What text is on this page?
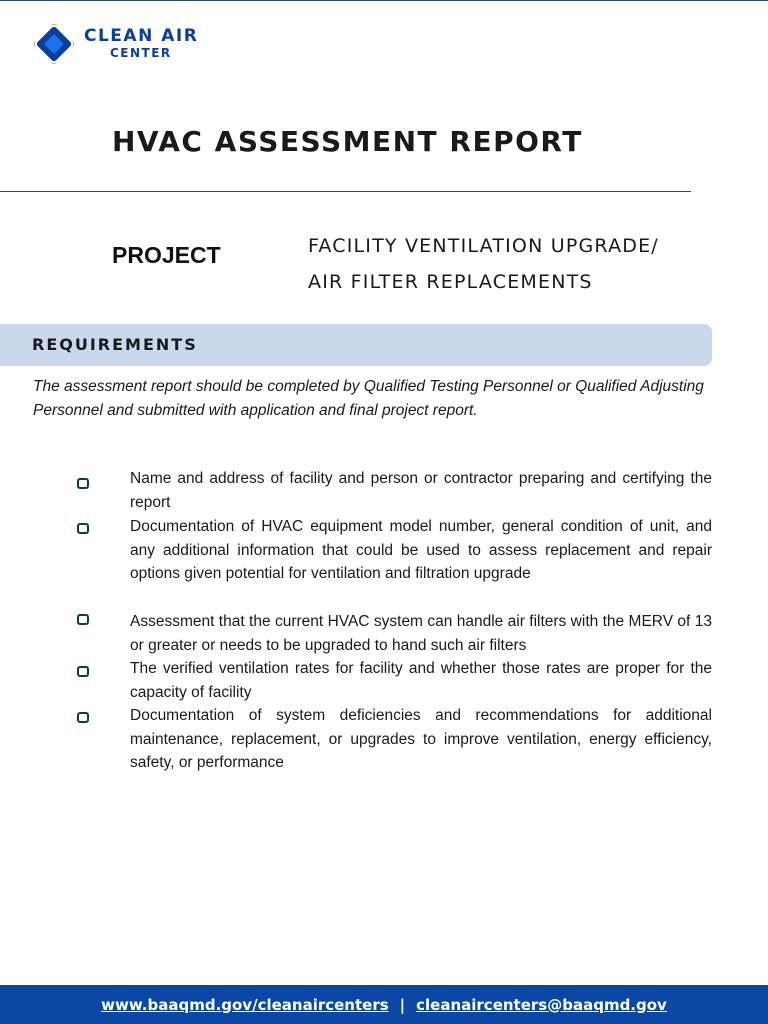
CLEAN AIR
CENTER
HVAC ASSESSMENT REPORT
PROJECT	FACILITY VENTILATION UPGRADE/
AIR FILTER REPLACEMENTS
REQUIREMENTS
The assessment report should be completed by Qualified Testing Personnel or Qualified Adjusting Personnel and submitted with application and final project report.
Name and address of facility and person or contractor preparing and certifying the report
Documentation of HVAC equipment model number, general condition of unit, and any additional information that could be used to assess replacement and repair options given potential for ventilation and filtration upgrade
Assessment that the current HVAC system can handle air filters with the MERV of 13 or greater or needs to be upgraded to hand such air filters
The verified ventilation rates for facility and whether those rates are proper for the capacity of facility
Documentation of system deficiencies and recommendations for additional maintenance, replacement, or upgrades to improve ventilation, energy efficiency, safety, or performance
www.baaqmd.gov/cleanaircenters | cleanaircenters@baaqmd.gov
